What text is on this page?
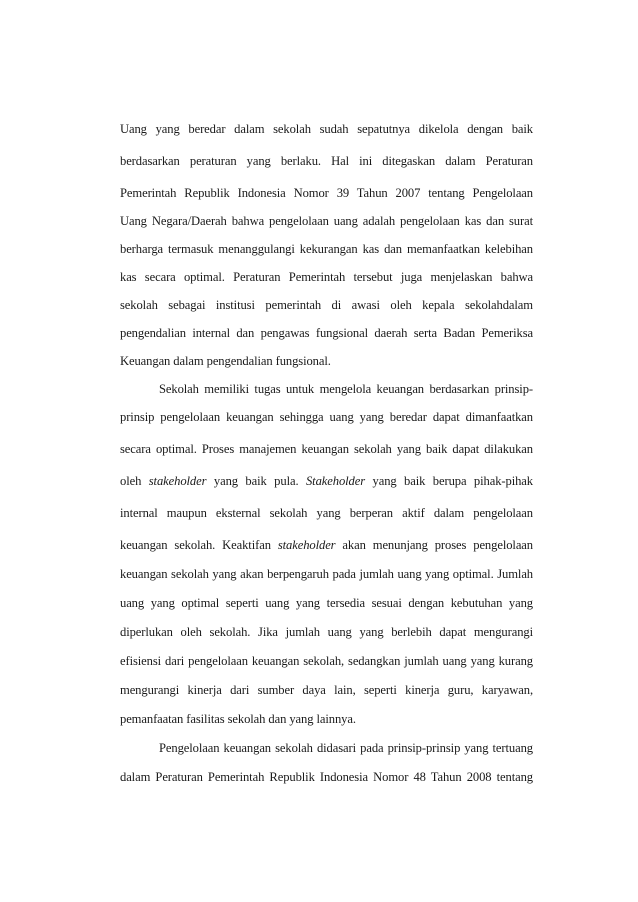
Uang yang beredar dalam sekolah sudah sepatutnya dikelola dengan baik
berdasarkan peraturan yang berlaku. Hal ini ditegaskan dalam Peraturan
Pemerintah Republik Indonesia Nomor 39 Tahun 2007 tentang Pengelolaan
Uang Negara/Daerah bahwa pengelolaan uang adalah pengelolaan kas dan surat
berharga termasuk menanggulangi kekurangan kas dan memanfaatkan kelebihan
kas secara optimal. Peraturan Pemerintah tersebut juga menjelaskan bahwa
sekolah sebagai institusi pemerintah di awasi oleh kepala sekolahdalam
pengendalian internal dan pengawas fungsional daerah serta Badan Pemeriksa
Keuangan dalam pengendalian fungsional.
Sekolah memiliki tugas untuk mengelola keuangan berdasarkan prinsip-
prinsip pengelolaan keuangan sehingga uang yang beredar dapat dimanfaatkan
secara optimal. Proses manajemen keuangan sekolah yang baik dapat dilakukan
oleh stakeholder yang baik pula. Stakeholder yang baik berupa pihak-pihak
internal maupun eksternal sekolah yang berperan aktif dalam pengelolaan
keuangan sekolah. Keaktifan stakeholder akan menunjang proses pengelolaan
keuangan sekolah yang akan berpengaruh pada jumlah uang yang optimal. Jumlah
uang yang optimal seperti uang yang tersedia sesuai dengan kebutuhan yang
diperlukan oleh sekolah. Jika jumlah uang yang berlebih dapat mengurangi
efisiensi dari pengelolaan keuangan sekolah, sedangkan jumlah uang yang kurang
mengurangi kinerja dari sumber daya lain, seperti kinerja guru, karyawan,
pemanfaatan fasilitas sekolah dan yang lainnya.
Pengelolaan keuangan sekolah didasari pada prinsip-prinsip yang tertuang
dalam Peraturan Pemerintah Republik Indonesia Nomor 48 Tahun 2008 tentang
